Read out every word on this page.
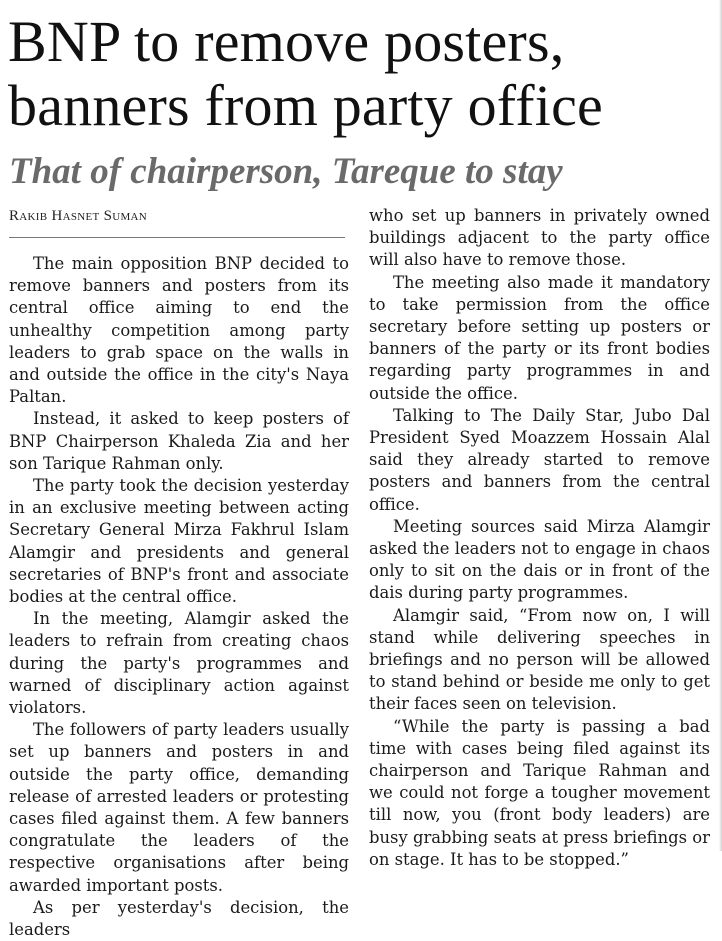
BNP to remove posters, banners from party office
That of chairperson, Tareque to stay
Rakib Hasnet Suman

The main opposition BNP decided to remove banners and posters from its central office aiming to end the unhealthy competition among party leaders to grab space on the walls in and outside the office in the city's Naya Paltan.

Instead, it asked to keep posters of BNP Chairperson Khaleda Zia and her son Tarique Rahman only.

The party took the decision yesterday in an exclusive meeting between acting Secretary General Mirza Fakhrul Islam Alamgir and presidents and general secretaries of BNP's front and associate bodies at the central office.

In the meeting, Alamgir asked the leaders to refrain from creating chaos during the party's programmes and warned of disciplinary action against violators.

The followers of party leaders usually set up banners and posters in and outside the party office, demanding release of arrested leaders or protesting cases filed against them. A few banners congratulate the leaders of the respective organisations after being awarded important posts.

As per yesterday's decision, the leaders

who set up banners in privately owned buildings adjacent to the party office will also have to remove those.

The meeting also made it mandatory to take permission from the office secretary before setting up posters or banners of the party or its front bodies regarding party programmes in and outside the office.

Talking to The Daily Star, Jubo Dal President Syed Moazzem Hossain Alal said they already started to remove posters and banners from the central office.

Meeting sources said Mirza Alamgir asked the leaders not to engage in chaos only to sit on the dais or in front of the dais during party programmes.

Alamgir said, “From now on, I will stand while delivering speeches in briefings and no person will be allowed to stand behind or beside me only to get their faces seen on television.

“While the party is passing a bad time with cases being filed against its chairperson and Tarique Rahman and we could not forge a tougher movement till now, you (front body leaders) are busy grabbing seats at press briefings or on stage. It has to be stopped.”
